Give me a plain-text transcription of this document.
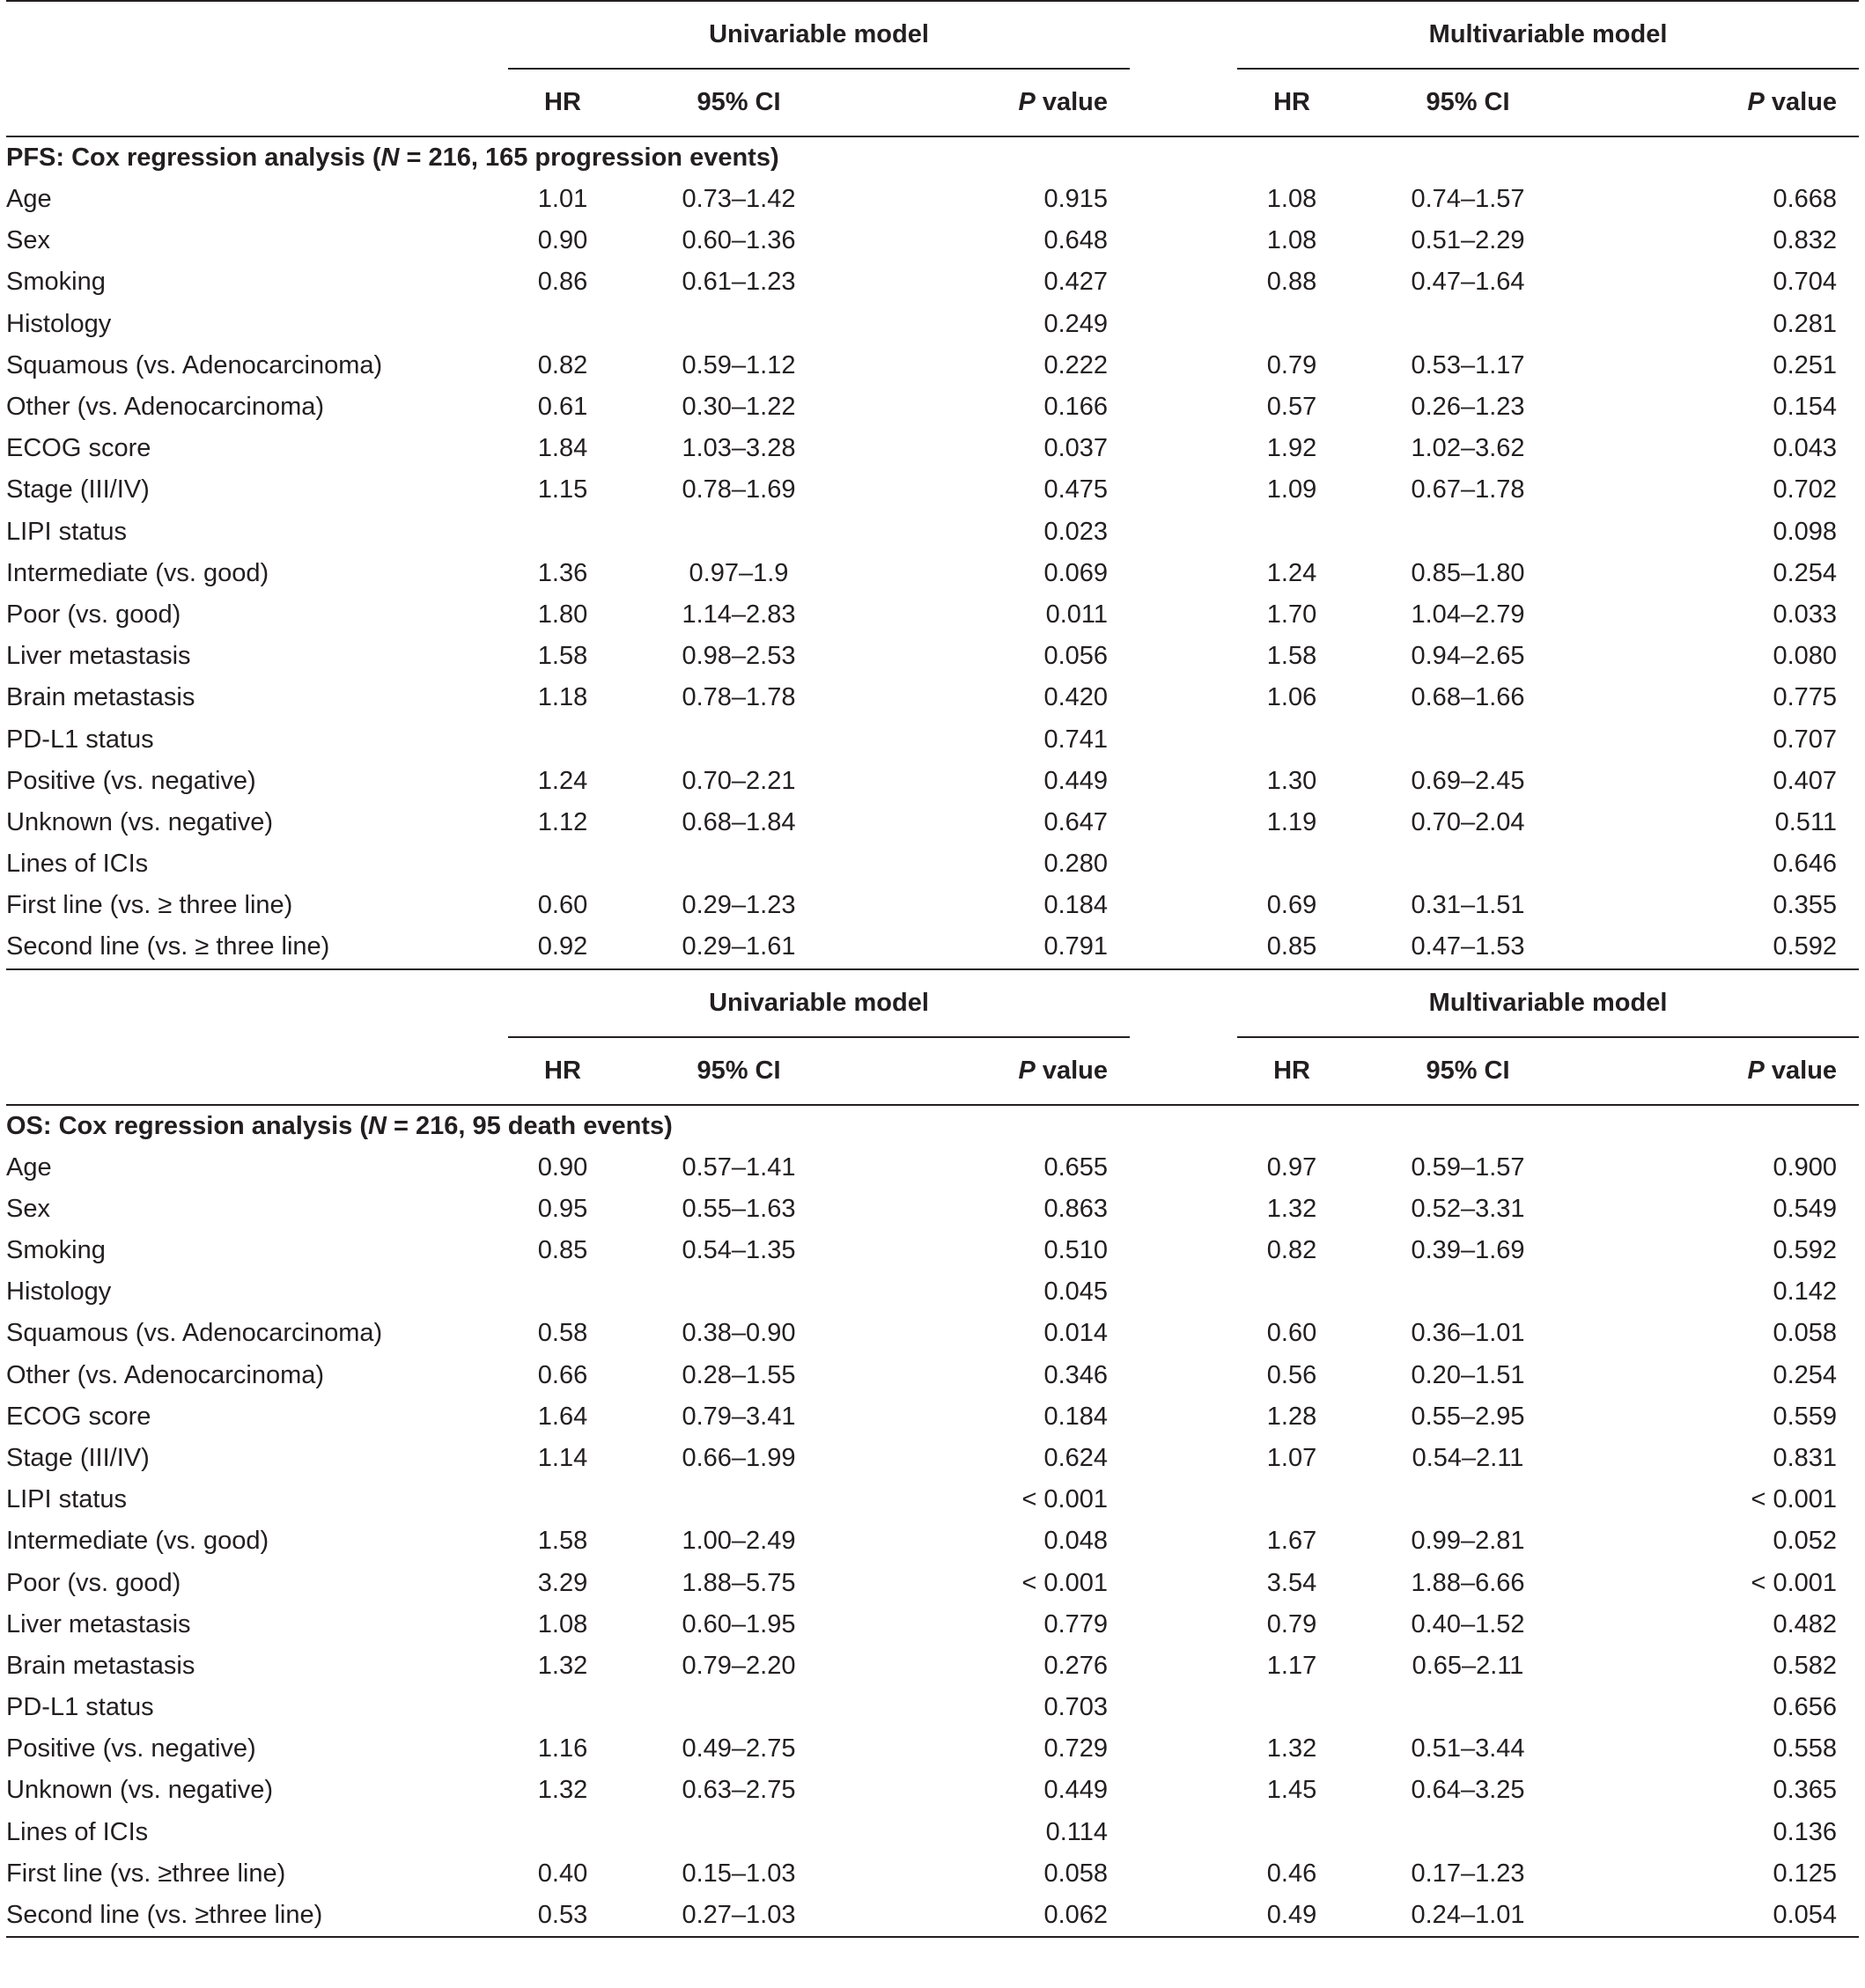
	Univariable model				Multivariable model		
	HR	95% CI	P value		HR	95% CI	P value
PFS: Cox regression analysis (N = 216, 165 progression events)							
Age	1.01	0.73–1.42	0.915		1.08	0.74–1.57	0.668
Sex	0.90	0.60–1.36	0.648		1.08	0.51–2.29	0.832
Smoking	0.86	0.61–1.23	0.427		0.88	0.47–1.64	0.704
Histology			0.249				0.281
Squamous (vs. Adenocarcinoma)	0.82	0.59–1.12	0.222		0.79	0.53–1.17	0.251
Other (vs. Adenocarcinoma)	0.61	0.30–1.22	0.166		0.57	0.26–1.23	0.154
ECOG score	1.84	1.03–3.28	0.037		1.92	1.02–3.62	0.043
Stage (III/IV)	1.15	0.78–1.69	0.475		1.09	0.67–1.78	0.702
LIPI status			0.023				0.098
Intermediate (vs. good)	1.36	0.97–1.9	0.069		1.24	0.85–1.80	0.254
Poor (vs. good)	1.80	1.14–2.83	0.011		1.70	1.04–2.79	0.033
Liver metastasis	1.58	0.98–2.53	0.056		1.58	0.94–2.65	0.080
Brain metastasis	1.18	0.78–1.78	0.420		1.06	0.68–1.66	0.775
PD-L1 status			0.741				0.707
Positive (vs. negative)	1.24	0.70–2.21	0.449		1.30	0.69–2.45	0.407
Unknown (vs. negative)	1.12	0.68–1.84	0.647		1.19	0.70–2.04	0.511
Lines of ICIs			0.280				0.646
First line (vs. ≥ three line)	0.60	0.29–1.23	0.184		0.69	0.31–1.51	0.355
Second line (vs. ≥ three line)	0.92	0.29–1.61	0.791		0.85	0.47–1.53	0.592
	Univariable model				Multivariable model		
	HR	95% CI	P value		HR	95% CI	P value
OS: Cox regression analysis (N = 216, 95 death events)							
Age	0.90	0.57–1.41	0.655		0.97	0.59–1.57	0.900
Sex	0.95	0.55–1.63	0.863		1.32	0.52–3.31	0.549
Smoking	0.85	0.54–1.35	0.510		0.82	0.39–1.69	0.592
Histology			0.045				0.142
Squamous (vs. Adenocarcinoma)	0.58	0.38–0.90	0.014		0.60	0.36–1.01	0.058
Other (vs. Adenocarcinoma)	0.66	0.28–1.55	0.346		0.56	0.20–1.51	0.254
ECOG score	1.64	0.79–3.41	0.184		1.28	0.55–2.95	0.559
Stage (III/IV)	1.14	0.66–1.99	0.624		1.07	0.54–2.11	0.831
LIPI status			< 0.001				< 0.001
Intermediate (vs. good)	1.58	1.00–2.49	0.048		1.67	0.99–2.81	0.052
Poor (vs. good)	3.29	1.88–5.75	< 0.001		3.54	1.88–6.66	< 0.001
Liver metastasis	1.08	0.60–1.95	0.779		0.79	0.40–1.52	0.482
Brain metastasis	1.32	0.79–2.20	0.276		1.17	0.65–2.11	0.582
PD-L1 status			0.703				0.656
Positive (vs. negative)	1.16	0.49–2.75	0.729		1.32	0.51–3.44	0.558
Unknown (vs. negative)	1.32	0.63–2.75	0.449		1.45	0.64–3.25	0.365
Lines of ICIs			0.114				0.136
First line (vs. ≥three line)	0.40	0.15–1.03	0.058		0.46	0.17–1.23	0.125
Second line (vs. ≥three line)	0.53	0.27–1.03	0.062		0.49	0.24–1.01	0.054
